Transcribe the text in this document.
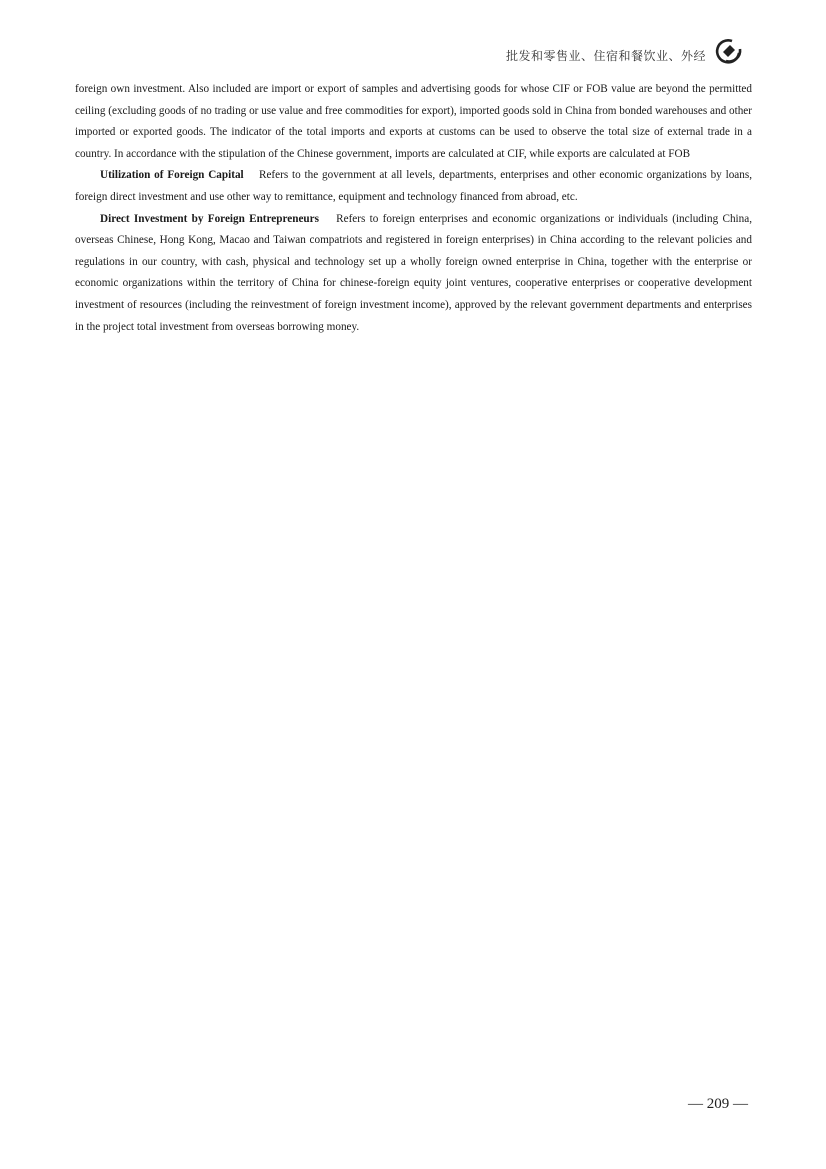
批发和零售业、住宿和餐饮业、外经

foreign own investment. Also included are import or export of samples and advertising goods for whose CIF or FOB value are beyond the permitted ceiling (excluding goods of no trading or use value and free commodities for export), imported goods sold in China from bonded warehouses and other imported or exported goods. The indicator of the total imports and exports at customs can be used to observe the total size of external trade in a country. In accordance with the stipulation of the Chinese government, imports are calculated at CIF, while exports are calculated at FOB

Utilization of Foreign Capital Refers to the government at all levels, departments, enterprises and other economic organizations by loans, foreign direct investment and use other way to remittance, equipment and technology financed from abroad, etc.

Direct Investment by Foreign Entrepreneurs Refers to foreign enterprises and economic organizations or individuals (including China, overseas Chinese, Hong Kong, Macao and Taiwan compatriots and registered in foreign enterprises) in China according to the relevant policies and regulations in our country, with cash, physical and technology set up a wholly foreign owned enterprise in China, together with the enterprise or economic organizations within the territory of China for chinese-foreign equity joint ventures, cooperative enterprises or cooperative development investment of resources (including the reinvestment of foreign investment income), approved by the relevant government departments and enterprises in the project total investment from overseas borrowing money.

— 209 —
